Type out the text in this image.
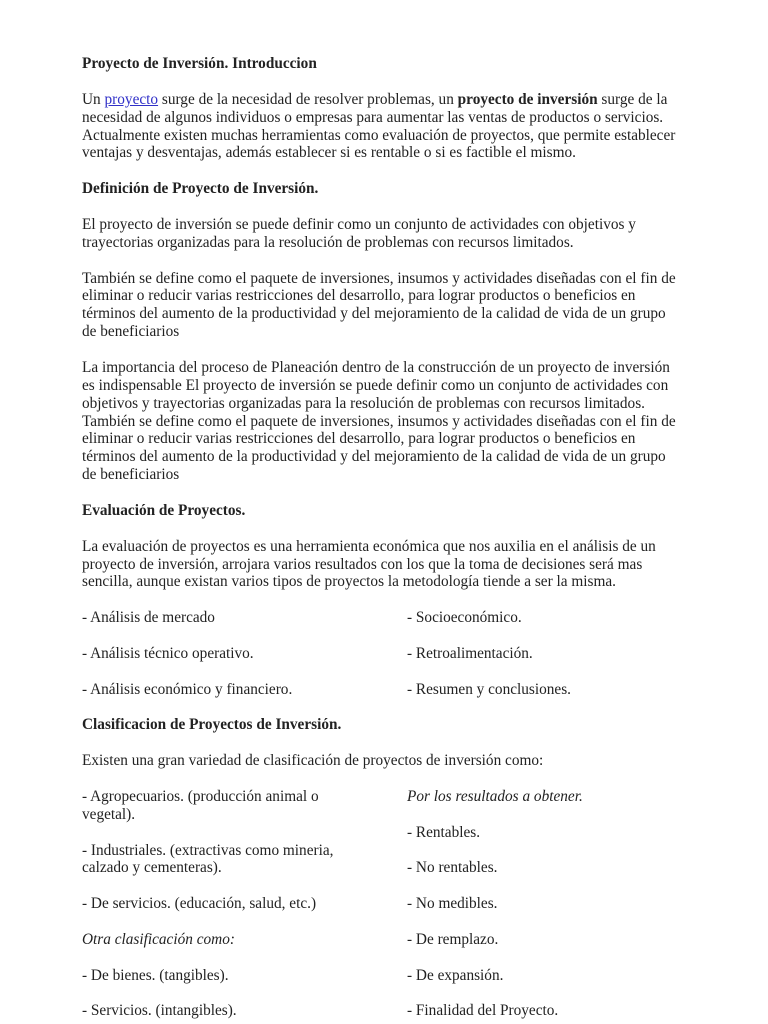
Proyecto de Inversión. Introduccion
Un proyecto surge de la necesidad de resolver problemas, un proyecto de inversión surge de la
necesidad de algunos individuos o empresas para aumentar las ventas de productos o servicios.
Actualmente existen muchas herramientas como evaluación de proyectos, que permite establecer
ventajas y desventajas, además establecer si es rentable o si es factible el mismo.
Definición de Proyecto de Inversión.
El proyecto de inversión se puede definir como un conjunto de actividades con objetivos y
trayectorias organizadas para la resolución de problemas con recursos limitados.
También se define como el paquete de inversiones, insumos y actividades diseñadas con el fin de
eliminar o reducir varias restricciones del desarrollo, para lograr productos o beneficios en
términos del aumento de la productividad y del mejoramiento de la calidad de vida de un grupo
de beneficiarios
La importancia del proceso de Planeación dentro de la construcción de un proyecto de inversión
es indispensable El proyecto de inversión se puede definir como un conjunto de actividades con
objetivos y trayectorias organizadas para la resolución de problemas con recursos limitados.
También se define como el paquete de inversiones, insumos y actividades diseñadas con el fin de
eliminar o reducir varias restricciones del desarrollo, para lograr productos o beneficios en
términos del aumento de la productividad y del mejoramiento de la calidad de vida de un grupo
de beneficiarios
Evaluación de Proyectos.
La evaluación de proyectos es una herramienta económica que nos auxilia en el análisis de un
proyecto de inversión, arrojara varios resultados con los que la toma de decisiones será mas
sencilla, aunque existan varios tipos de proyectos la metodología tiende a ser la misma.
- Análisis de mercado
- Análisis técnico operativo.
- Análisis económico y financiero.
- Socioeconómico.
- Retroalimentación.
- Resumen y conclusiones.
Clasificacion de Proyectos de Inversión.
Existen una gran variedad de clasificación de proyectos de inversión como:
- Agropecuarios. (producción animal o
vegetal).
- Industriales. (extractivas como mineria,
calzado y cementeras).
- De servicios. (educación, salud, etc.)
Otra clasificación como:
- De bienes. (tangibles).
- Servicios. (intangibles).
Por los resultados a obtener.
- Rentables.
- No rentables.
- No medibles.
- De remplazo.
- De expansión.
- Finalidad del Proyecto.
